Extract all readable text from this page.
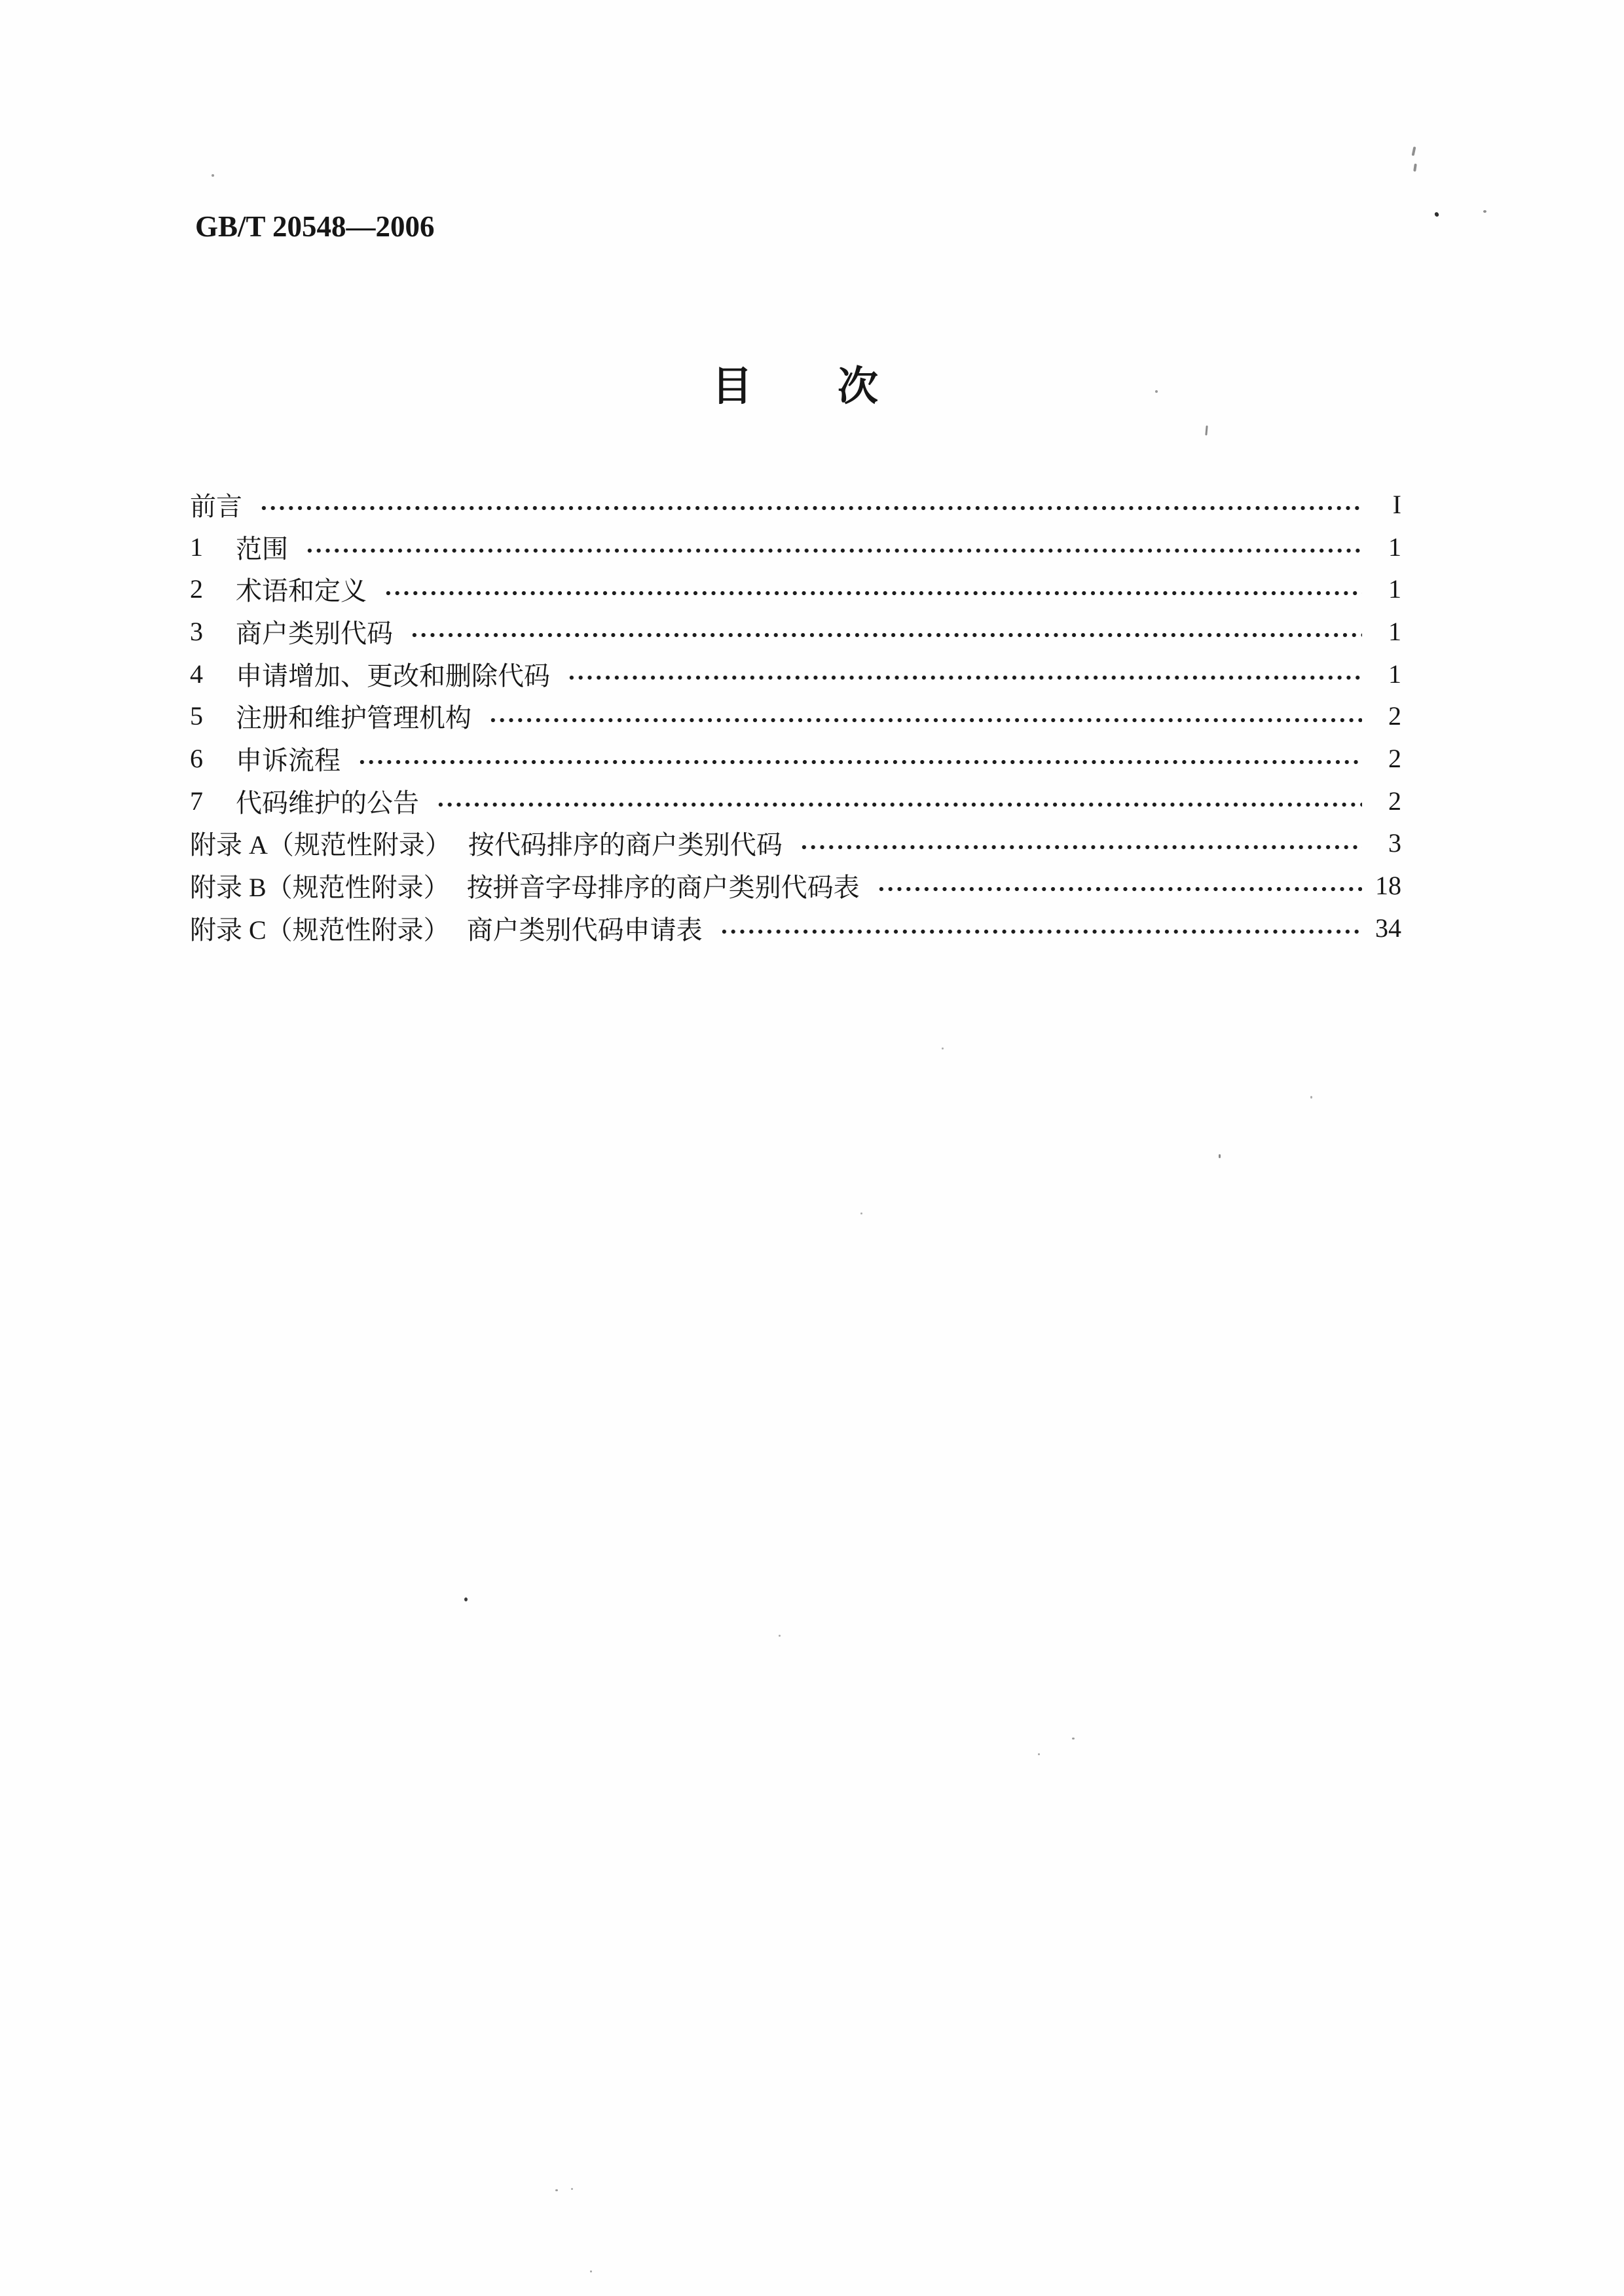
GB/T 20548—2006
目　　次
前言	I
1	范围	1
2	术语和定义	1
3	商户类别代码	1
4	申请增加、更改和删除代码	1
5	注册和维护管理机构	2
6	申诉流程	2
7	代码维护的公告	2
附录 A（规范性附录） 按代码排序的商户类别代码	3
附录 B（规范性附录） 按拼音字母排序的商户类别代码表	18
附录 C（规范性附录） 商户类别代码申请表	34
